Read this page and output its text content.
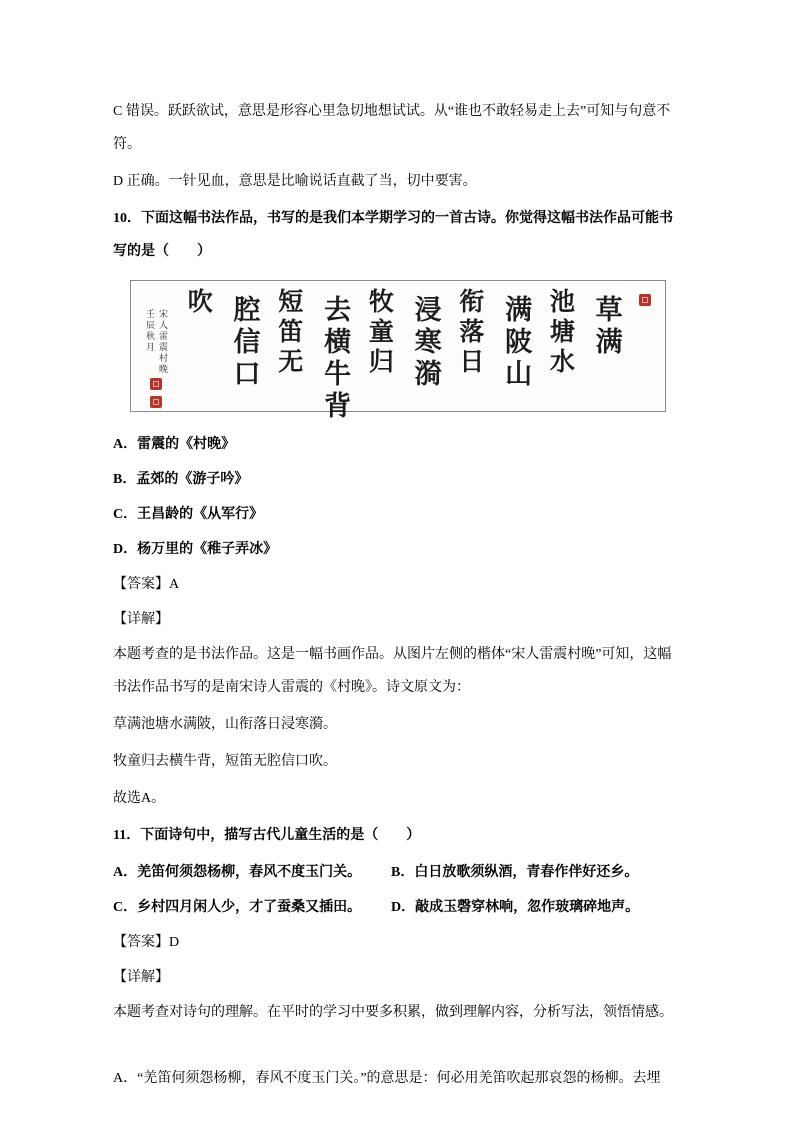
C 错误。跃跃欲试，意思是形容心里急切地想试试。从“谁也不敢轻易走上去”可知与句意不符。

D 正确。一针见血，意思是比喻说话直截了当，切中要害。

10．下面这幅书法作品，书写的是我们本学期学习的一首古诗。你觉得这幅书法作品可能书写的是（　　）

草满
池塘水
满陂山
衔落日
浸寒漪
牧童归
去横牛背
短笛无
腔信口
吹
宋人雷震村晚
壬辰秋月

A．雷震的《村晚》

B．孟郊的《游子吟》

C．王昌龄的《从军行》

D．杨万里的《稚子弄冰》

【答案】A

【详解】

本题考查的是书法作品。这是一幅书画作品。从图片左侧的楷体“宋人雷震村晚”可知，这幅书法作品书写的是南宋诗人雷震的《村晚》。诗文原文为：

草满池塘水满陂，山衔落日浸寒漪。

牧童归去横牛背，短笛无腔信口吹。

故选A。

11．下面诗句中，描写古代儿童生活的是（　　）

A．羌笛何须怨杨柳，春风不度玉门关。	B．白日放歌须纵酒，青春作伴好还乡。
C．乡村四月闲人少，才了蚕桑又插田。	D．敲成玉磬穿林响，忽作玻璃碎地声。

【答案】D

【详解】

本题考查对诗句的理解。在平时的学习中要多积累，做到理解内容，分析写法，领悟情感。

A．“羌笛何须怨杨柳，春风不度玉门关。”的意思是：何必用羌笛吹起那哀怨的杨柳。去埋
